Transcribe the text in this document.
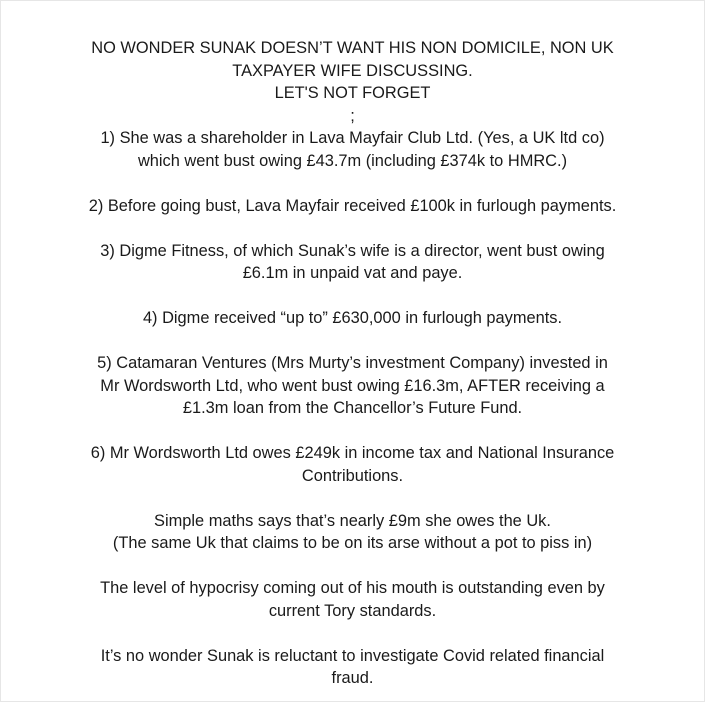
NO WONDER SUNAK DOESN’T WANT HIS NON DOMICILE, NON UK
TAXPAYER WIFE DISCUSSING.
LET'S NOT FORGET
;
1) She was a shareholder in Lava Mayfair Club Ltd. (Yes, a UK ltd co)
which went bust owing £43.7m (including £374k to HMRC.)
2) Before going bust, Lava Mayfair received £100k in furlough payments.
3) Digme Fitness, of which Sunak’s wife is a director, went bust owing
£6.1m in unpaid vat and paye.
4) Digme received “up to” £630,000 in furlough payments.
5) Catamaran Ventures (Mrs Murty’s investment Company) invested in
Mr Wordsworth Ltd, who went bust owing £16.3m, AFTER receiving a
£1.3m loan from the Chancellor’s Future Fund.
6) Mr Wordsworth Ltd owes £249k in income tax and National Insurance
Contributions.
Simple maths says that’s nearly £9m she owes the Uk.
(The same Uk that claims to be on its arse without a pot to piss in)
The level of hypocrisy coming out of his mouth is outstanding even by
current Tory standards.
It’s no wonder Sunak is reluctant to investigate Covid related financial
fraud.
